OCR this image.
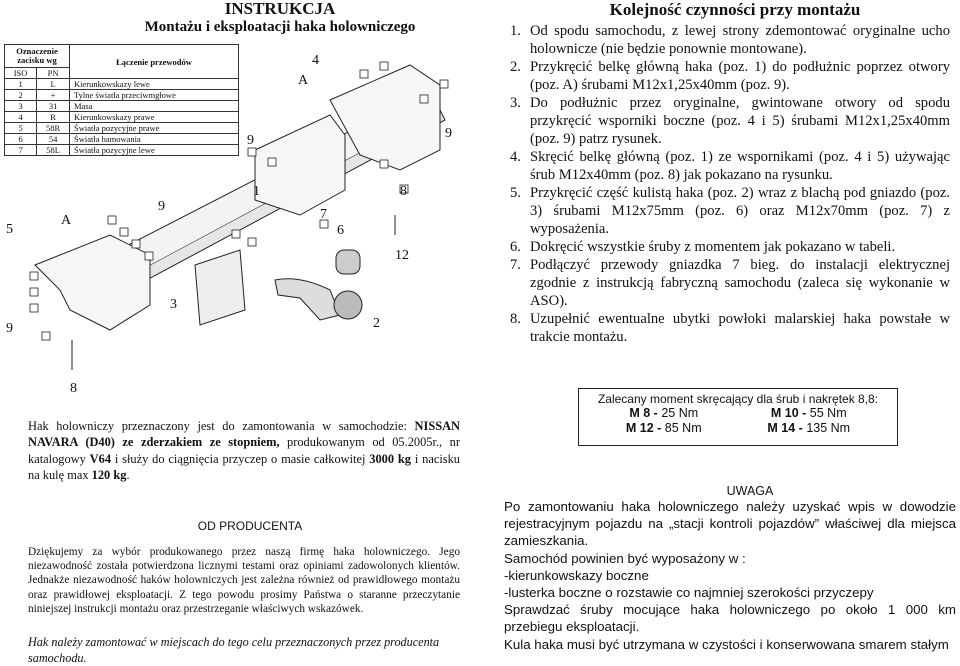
INSTRUKCJA
Montażu i eksploatacji haka holowniczego
1
2
3
4
5	6
7
8
8
9
9	9
9
12
A
A
Oznaczenie zacisku wg		Łączenie przewodów
ISO	PN	
1	L	Kierunkowskazy lewe
2	+	Tylne światła przeciwmgłowe
3	31	Masa
4	R	Kierunkowskazy prawe
5	58R	Światła pozycyjne prawe
6	54	Światła hamowania
7	58L	Światła pozycyjne lewe
Kolejność czynności przy montażu
1. Od spodu samochodu, z lewej strony zdemontować oryginalne ucho holownicze (nie będzie ponownie montowane).
2. Przykręcić belkę główną haka (poz. 1) do podłużnic poprzez otwory (poz. A) śrubami M12x1,25x40mm (poz. 9).
3. Do podłużnic przez oryginalne, gwintowane otwory od spodu przykręcić wsporniki boczne (poz. 4 i 5) śrubami M12x1,25x40mm (poz. 9) patrz rysunek.
4. Skręcić belkę główną (poz. 1) ze wspornikami (poz. 4 i 5) używając śrub M12x40mm (poz. 8) jak pokazano na rysunku.
5. Przykręcić część kulistą haka (poz. 2) wraz z blachą pod gniazdo (poz. 3) śrubami M12x75mm (poz. 6) oraz M12x70mm (poz. 7) z wyposażenia.
6. Dokręcić wszystkie śruby z momentem jak pokazano w tabeli.
7. Podłączyć przewody gniazdka 7 bieg. do instalacji elektrycznej zgodnie z instrukcją fabryczną samochodu (zaleca się wykonanie w ASO).
8. Uzupełnić ewentualne ubytki powłoki malarskiej haka powstałe w trakcie montażu.
Zalecany moment skręcający dla śrub i nakrętek 8,8:
M 8 - 25 Nm	M 10 - 55 Nm
M 12 - 85 Nm	M 14 - 135 Nm
Hak holowniczy przeznaczony jest do zamontowania w samochodzie: NISSAN NAVARA (D40) ze zderzakiem ze stopniem, produkowanym od 05.2005r., nr katalogowy V64 i służy do ciągnięcia przyczep o masie całkowitej 3000 kg i nacisku na kulę max 120 kg.
OD PRODUCENTA
Dziękujemy za wybór produkowanego przez naszą firmę haka holowniczego. Jego niezawodność została potwierdzona licznymi testami oraz opiniami zadowolonych klientów. Jednakże niezawodność haków holowniczych jest zależna również od prawidłowego montażu oraz prawidłowej eksploatacji. Z tego powodu prosimy Państwa o staranne przeczytanie niniejszej instrukcji montażu oraz przestrzeganie właściwych wskazówek.
Hak należy zamontować w miejscach do tego celu przeznaczonych przez producenta samochodu.
UWAGA

Po zamontowaniu haka holowniczego należy uzyskać wpis w dowodzie rejestracyjnym pojazdu na „stacji kontroli pojazdów” właściwej dla miejsca zamieszkania.

Samochód powinien być wyposażony w :

-kierunkowskazy boczne

-lusterka boczne o rozstawie co najmniej szerokości przyczepy

Sprawdzać śruby mocujące haka holowniczego po około 1 000 km przebiegu eksploatacji.

Kula haka musi być utrzymana w czystości i konserwowana smarem stałym
